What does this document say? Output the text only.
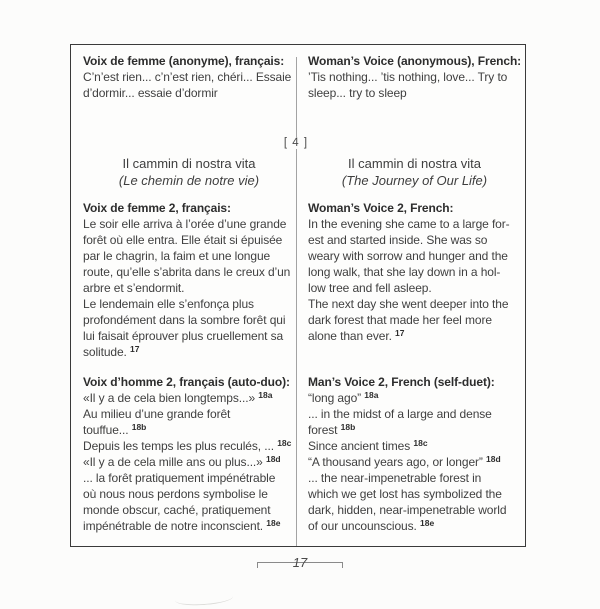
[ 4 ]
Voix de femme (anonyme), français:
C’n’est rien... c’n’est rien, chéri... Essaie
d’dormir... essaie d’dormir
Il cammin di nostra vita
(Le chemin de notre vie)
Voix de femme 2, français:
Le soir elle arriva à l’orée d’une grande
forêt où elle entra. Elle était si épuisée
par le chagrin, la faim et une longue
route, qu’elle s’abrita dans le creux d’un
arbre et s’endormit.
Le lendemain elle s’enfonça plus
profondément dans la sombre forêt qui
lui faisait éprouver plus cruellement sa
solitude. $^{17}$
Voix d’homme 2, français (auto-duo):
«Il y a de cela bien longtemps...» $^{18a}$
Au milieu d’une grande forêt
touffue... $^{18b}$
Depuis les temps les plus reculés, ... $^{18c}$
«Il y a de cela mille ans ou plus...» $^{18d}$
... la forêt pratiquement impénétrable
où nous nous perdons symbolise le
monde obscur, caché, pratiquement
impénétrable de notre inconscient. $^{18e}$
Woman’s Voice (anonymous), French:
’Tis nothing... ’tis nothing, love... Try to
sleep... try to sleep
Il cammin di nostra vita
(The Journey of Our Life)
Woman’s Voice 2, French:
In the evening she came to a large for-
est and started inside. She was so
weary with sorrow and hunger and the
long walk, that she lay down in a hol-
low tree and fell asleep.
The next day she went deeper into the
dark forest that made her feel more
alone than ever. $^{17}$
Man’s Voice 2, French (self-duet):
“long ago” $^{18a}$
... in the midst of a large and dense
forest $^{18b}$
Since ancient times $^{18c}$
“A thousand years ago, or longer” $^{18d}$
... the near-impenetrable forest in
which we get lost has symbolized the
dark, hidden, near-impenetrable world
of our uncounscious. $^{18e}$
17
